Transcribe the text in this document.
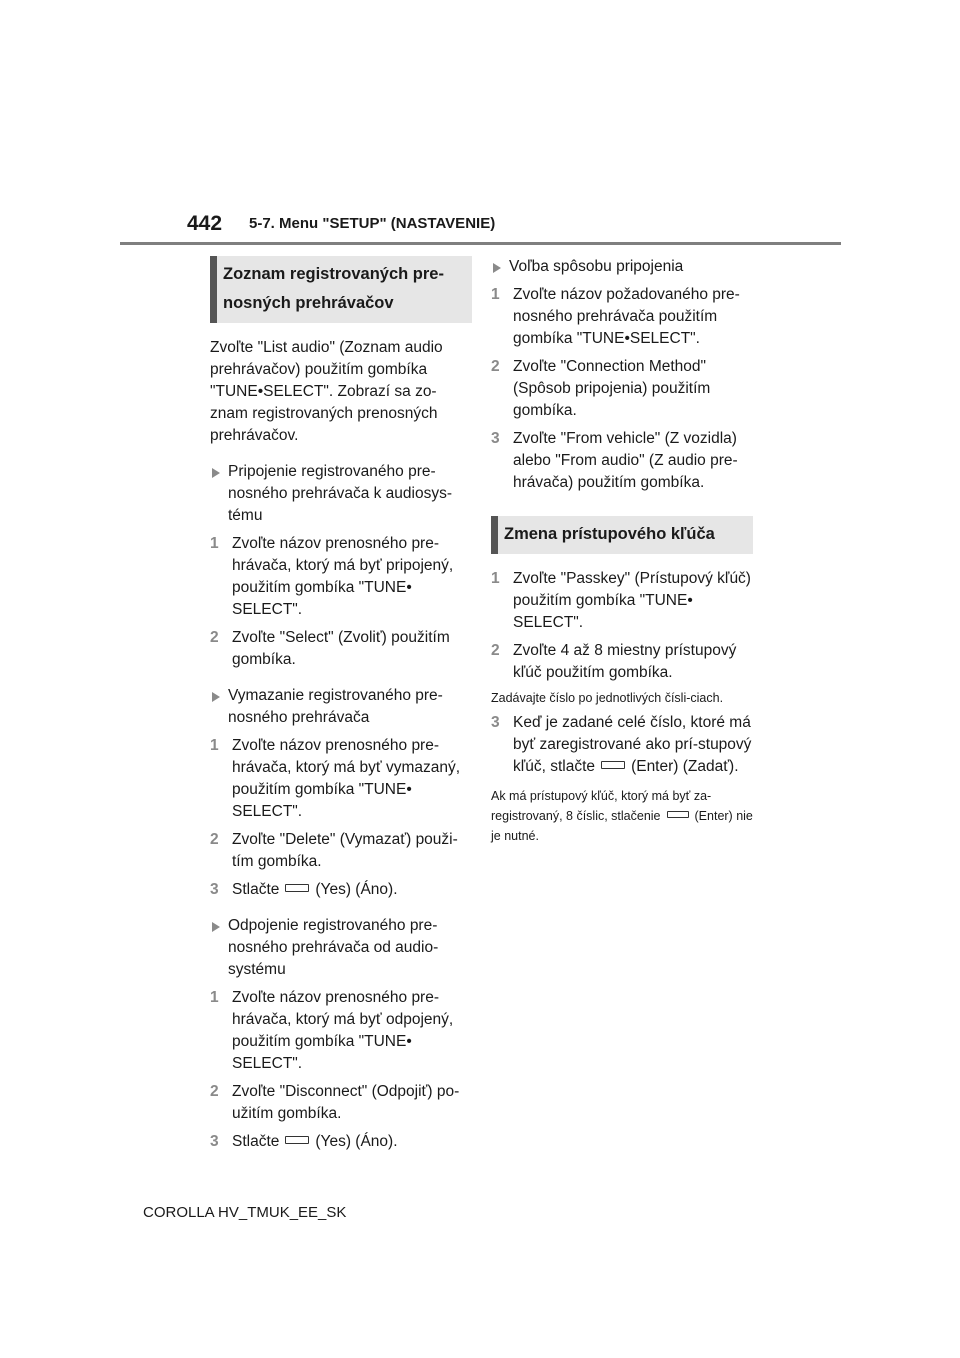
442 5-7. Menu "SETUP" (NASTAVENIE)
Zoznam registrovaných pre-nosných prehrávačov

Zvoľte "List audio" (Zoznam audio prehrávačov) použitím gombíka "TUNE•SELECT". Zobrazí sa zo-znam registrovaných prenosných prehrávačov.

Pripojenie registrovaného pre-nosného prehrávača k audiosys-tému
1 Zvoľte názov prenosného pre-hrávača, ktorý má byť pripojený, použitím gombíka "TUNE• SELECT".
2 Zvoľte "Select" (Zvoliť) použitím gombíka.
Vymazanie registrovaného pre-nosného prehrávača
1 Zvoľte názov prenosného pre-hrávača, ktorý má byť vymazaný, použitím gombíka "TUNE• SELECT".
2 Zvoľte "Delete" (Vymazať) použi-tím gombíka.
3 Stlačte (Yes) (Áno).
Odpojenie registrovaného pre-nosného prehrávača od audio-systému
1 Zvoľte názov prenosného pre-hrávača, ktorý má byť odpojený, použitím gombíka "TUNE• SELECT".
2 Zvoľte "Disconnect" (Odpojiť) po-užitím gombíka.
3 Stlačte (Yes) (Áno).
Voľba spôsobu pripojenia
1 Zvoľte názov požadovaného pre-nosného prehrávača použitím gombíka "TUNE•SELECT".
2 Zvoľte "Connection Method" (Spôsob pripojenia) použitím gombíka.
3 Zvoľte "From vehicle" (Z vozidla) alebo "From audio" (Z audio pre-hrávača) použitím gombíka.
Zmena prístupového kľúča
1 Zvoľte "Passkey" (Prístupový kľúč) použitím gombíka "TUNE• SELECT".
2 Zvoľte 4 až 8 miestny prístupový kľúč použitím gombíka.

Zadávajte číslo po jednotlivých čísli-ciach.

3 Keď je zadané celé číslo, ktoré má byť zaregistrované ako prí-stupový kľúč, stlačte (Enter) (Zadať).

Ak má prístupový kľúč, ktorý má byť za-registrovaný, 8 číslic, stlačenie	(Enter) nie je nutné.

COROLLA HV_TMUK_EE_SK
